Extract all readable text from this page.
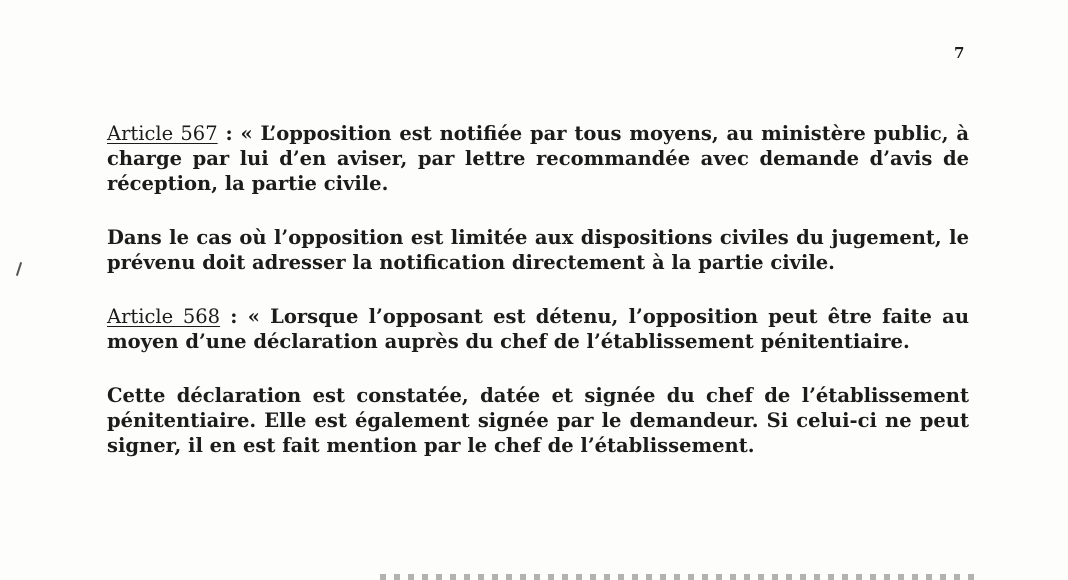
7

Article 567 : « L’opposition est notifiée par tous moyens, au ministère public, à charge par lui d’en aviser, par lettre recommandée avec demande d’avis de réception, la partie civile.

Dans le cas où l’opposition est limitée aux dispositions civiles du jugement, le prévenu doit adresser la notification directement à la partie civile.

Article 568 : « Lorsque l’opposant est détenu, l’opposition peut être faite au moyen d’une déclaration auprès du chef de l’établissement pénitentiaire.

Cette déclaration est constatée, datée et signée du chef de l’établissement pénitentiaire. Elle est également signée par le demandeur. Si celui-ci ne peut signer, il en est fait mention par le chef de l’établissement.
